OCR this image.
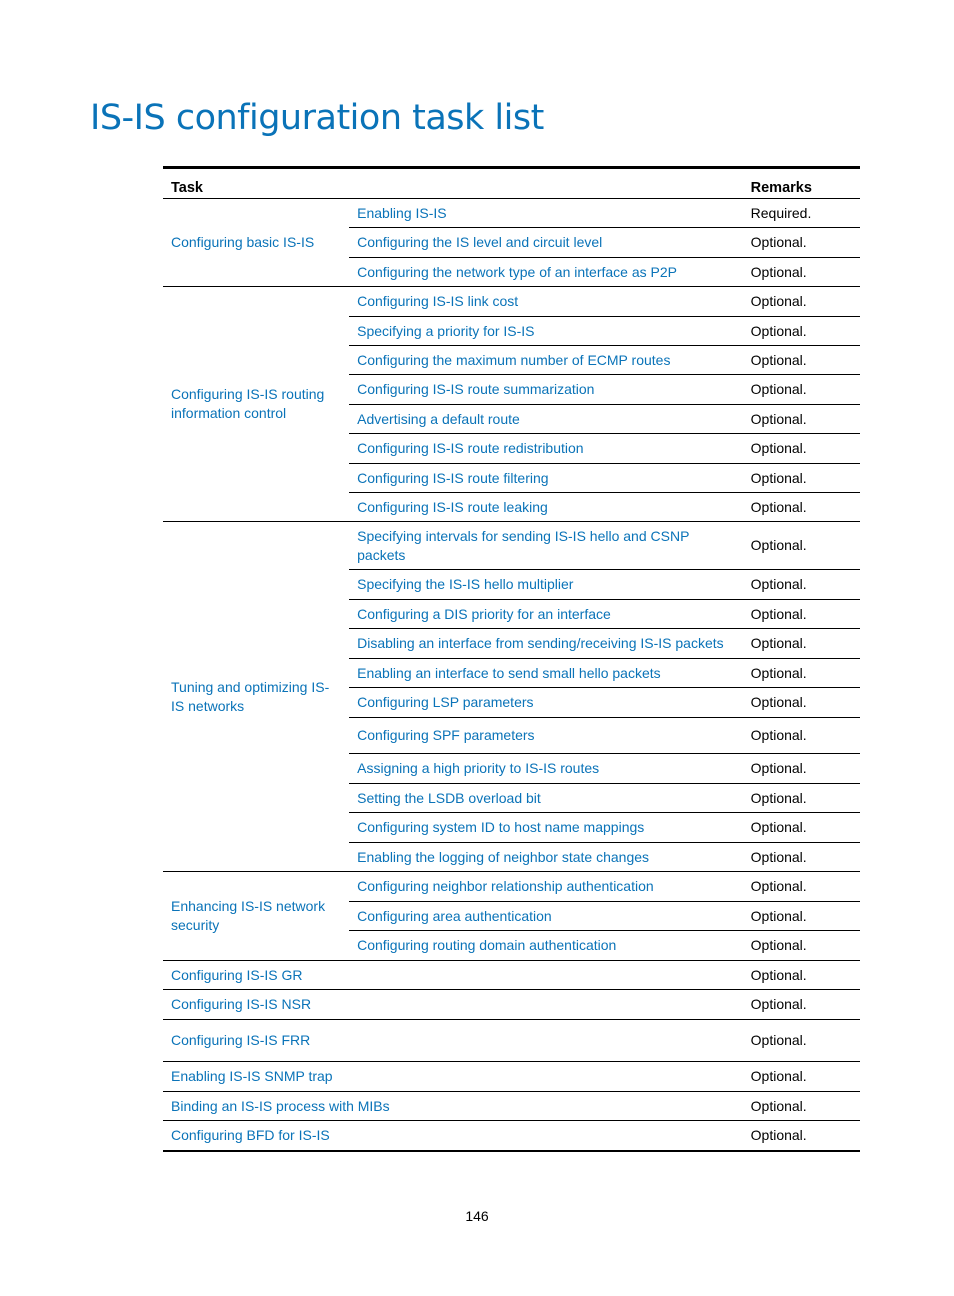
IS-IS configuration task list
Task		Remarks
Configuring basic IS-IS	Enabling IS-IS	Required.
	Configuring the IS level and circuit level	Optional.
	Configuring the network type of an interface as P2P	Optional.
Configuring IS-IS routing information control	Configuring IS-IS link cost	Optional.
	Specifying a priority for IS-IS	Optional.
	Configuring the maximum number of ECMP routes	Optional.
	Configuring IS-IS route summarization	Optional.
	Advertising a default route	Optional.
	Configuring IS-IS route redistribution	Optional.
	Configuring IS-IS route filtering	Optional.
	Configuring IS-IS route leaking	Optional.
Tuning and optimizing IS-IS networks	Specifying intervals for sending IS-IS hello and CSNP packets	Optional.
	Specifying the IS-IS hello multiplier	Optional.
	Configuring a DIS priority for an interface	Optional.
	Disabling an interface from sending/receiving IS-IS packets	Optional.
	Enabling an interface to send small hello packets	Optional.
	Configuring LSP parameters	Optional.
	Configuring SPF parameters	Optional.
	Assigning a high priority to IS-IS routes	Optional.
	Setting the LSDB overload bit	Optional.
	Configuring system ID to host name mappings	Optional.
	Enabling the logging of neighbor state changes	Optional.
Enhancing IS-IS network security	Configuring neighbor relationship authentication	Optional.
	Configuring area authentication	Optional.
	Configuring routing domain authentication	Optional.
Configuring IS-IS GR		Optional.
Configuring IS-IS NSR		Optional.
Configuring IS-IS FRR		Optional.
Enabling IS-IS SNMP trap		Optional.
Binding an IS-IS process with MIBs		Optional.
Configuring BFD for IS-IS		Optional.
146
